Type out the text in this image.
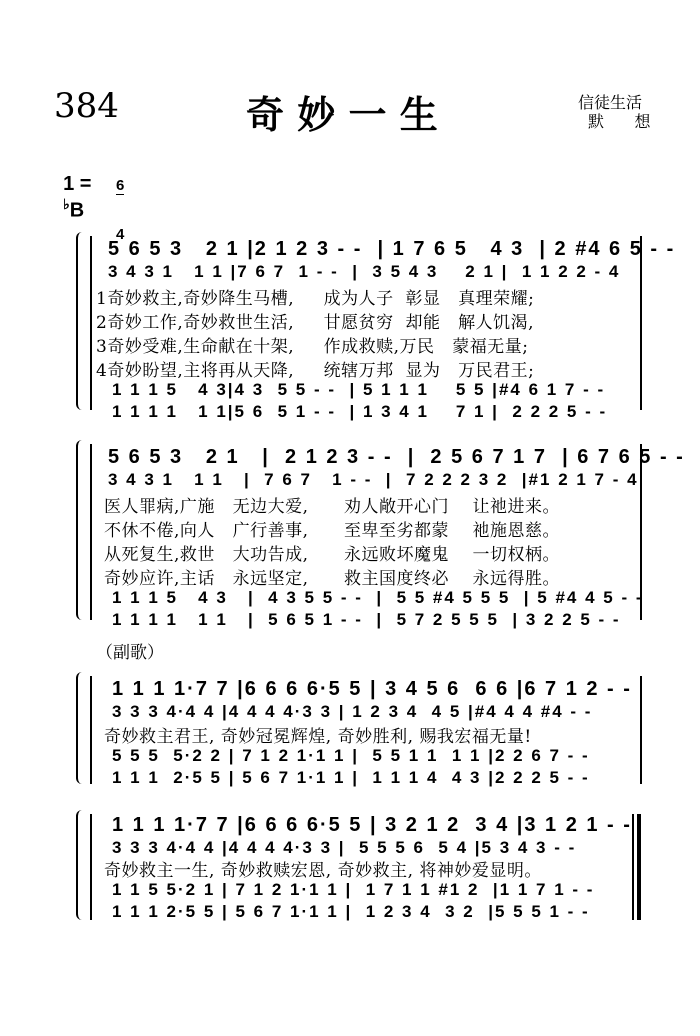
384	奇 妙 一 生	信徒生活
默      想

1 =
♭B

6

4

5 6 5 3   2 1 |2 1 2 3 - -  | 1 7 6 5   4 3  | 2 #4 6 5 - -
3 4 3 1   1 1 |7 6 7  1 - -  |  3 5 4 3    2 1 |  1 1 2 2 - 4
1奇妙救主,奇妙降生马槽,     成为人子  彰显   真理荣耀;
2奇妙工作,奇妙救世生活,     甘愿贫穷  却能   解人饥渴,
3奇妙受难,生命献在十架,     作成救赎,万民   蒙福无量;
4奇妙盼望,主将再从天降,     统辖万邦  显为   万民君王;
1 1 1 5   4 3|4 3  5 5 - -  | 5 1 1 1    5 5 |#4 6 1 7 - -
1 1 1 1   1 1|5 6  5 1 - -  | 1 3 4 1    7 1 |  2 2 2 5 - -
5 6 5 3   2 1   |  2 1 2 3 - -  |  2 5 6 7 1 7  | 6 7 6 5 - -
3 4 3 1   1 1   |  7 6 7   1 - -  |  7 2 2 2 3 2  |#1 2 1 7 - 4
医人罪病,广施   无边大爱,      劝人敞开心门    让祂进来。
不休不倦,向人   广行善事,      至卑至劣都蒙    祂施恩慈。
从死复生,救世   大功告成,      永远败坏魔鬼    一切权柄。
奇妙应许,主话   永远坚定,      救主国度终必    永远得胜。
1 1 1 5   4 3   |  4 3 5 5 - -  |  5 5 #4 5 5 5  | 5 #4 4 5 - -
1 1 1 1   1 1   |  5 6 5 1 - -  |  5 7 2 5 5 5  | 3 2 2 5 - -
（副歌）
1 1 1 1·7 7 |6 6 6 6·5 5 | 3 4 5 6  6 6 |6 7 1 2 - -
3 3 3 4·4 4 |4 4 4 4·3 3 | 1 2 3 4  4 5 |#4 4 4 #4 - -
奇妙救主君王, 奇妙冠冕辉煌, 奇妙胜利, 赐我宏福无量!
5 5 5  5·2 2 | 7 1 2 1·1 1 |  5 5 1 1  1 1 |2 2 6 7 - -
1 1 1  2·5 5 | 5 6 7 1·1 1 |  1 1 1 4  4 3 |2 2 2 5 - -
1 1 1 1·7 7 |6 6 6 6·5 5 | 3 2 1 2  3 4 |3 1 2 1 - -
3 3 3 4·4 4 |4 4 4 4·3 3 |  5 5 5 6  5 4 |5 3 4 3 - -
奇妙救主一生, 奇妙救赎宏恩, 奇妙救主, 将神妙爱显明。
1 1 5 5·2 1 | 7 1 2 1·1 1 |  1 7 1 1 #1 2  |1 1 7 1 - -
1 1 1 2·5 5 | 5 6 7 1·1 1 |  1 2 3 4  3 2  |5 5 5 1 - -
